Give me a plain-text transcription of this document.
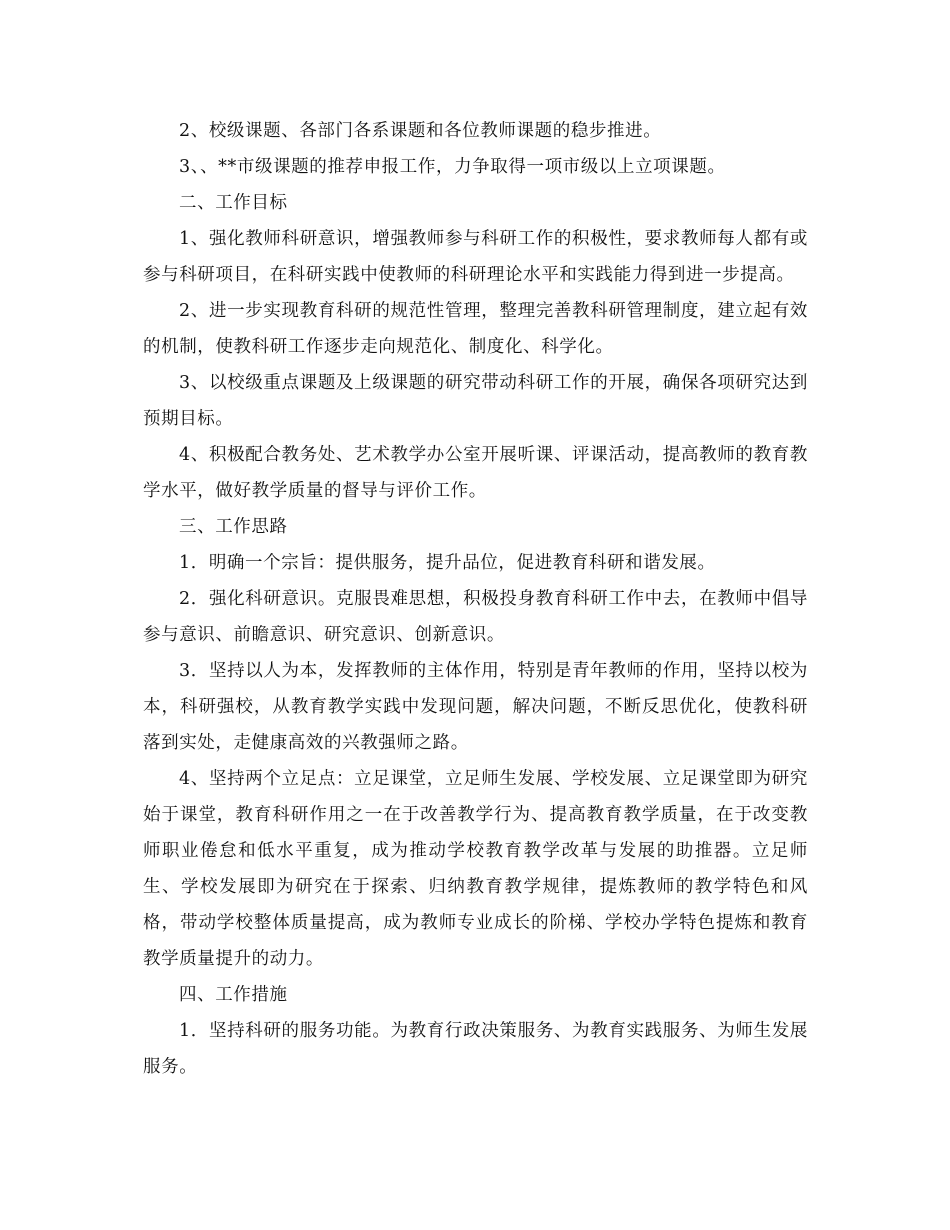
2、校级课题、各部门各系课题和各位教师课题的稳步推进。

3、、**市级课题的推荐申报工作，力争取得一项市级以上立项课题。

二、工作目标

1、强化教师科研意识，增强教师参与科研工作的积极性，要求教师每人都有或参与科研项目，在科研实践中使教师的科研理论水平和实践能力得到进一步提高。

2、进一步实现教育科研的规范性管理，整理完善教科研管理制度，建立起有效的机制，使教科研工作逐步走向规范化、制度化、科学化。

3、以校级重点课题及上级课题的研究带动科研工作的开展，确保各项研究达到预期目标。

4、积极配合教务处、艺术教学办公室开展听课、评课活动，提高教师的教育教学水平，做好教学质量的督导与评价工作。

三、工作思路

1．明确一个宗旨：提供服务，提升品位，促进教育科研和谐发展。

2．强化科研意识。克服畏难思想，积极投身教育科研工作中去，在教师中倡导参与意识、前瞻意识、研究意识、创新意识。

3．坚持以人为本，发挥教师的主体作用，特别是青年教师的作用，坚持以校为本，科研强校，从教育教学实践中发现问题，解决问题，不断反思优化，使教科研落到实处，走健康高效的兴教强师之路。

4、坚持两个立足点：立足课堂，立足师生发展、学校发展、立足课堂即为研究始于课堂，教育科研作用之一在于改善教学行为、提高教育教学质量，在于改变教师职业倦怠和低水平重复，成为推动学校教育教学改革与发展的助推器。立足师生、学校发展即为研究在于探索、归纳教育教学规律，提炼教师的教学特色和风格，带动学校整体质量提高，成为教师专业成长的阶梯、学校办学特色提炼和教育教学质量提升的动力。

四、工作措施

1．坚持科研的服务功能。为教育行政决策服务、为教育实践服务、为师生发展服务。
